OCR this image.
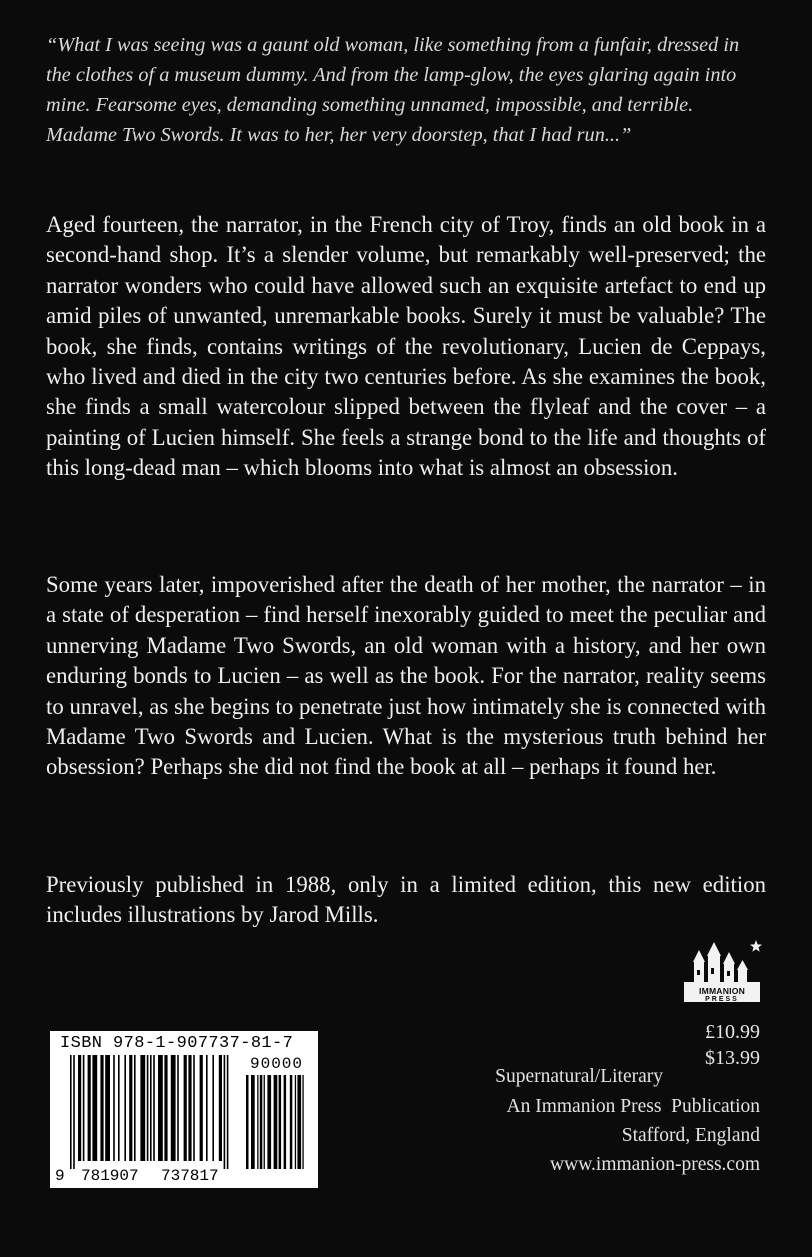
“What I was seeing was a gaunt old woman, like something from a funfair, dressed in the clothes of a museum dummy. And from the lamp-glow, the eyes glaring again into mine. Fearsome eyes, demanding something unnamed, impossible, and terrible. Madame Two Swords. It was to her, her very doorstep, that I had run...”

Aged fourteen, the narrator, in the French city of Troy, finds an old book in a second-hand shop. It’s a slender volume, but remarkably well-preserved; the narrator wonders who could have allowed such an exquisite artefact to end up amid piles of unwanted, unremarkable books. Surely it must be valuable? The book, she finds, contains writings of the revolutionary, Lucien de Ceppays, who lived and died in the city two centuries before. As she examines the book, she finds a small watercolour slipped between the flyleaf and the cover – a painting of Lucien himself. She feels a strange bond to the life and thoughts of this long-dead man – which blooms into what is almost an obsession.

Some years later, impoverished after the death of her mother, the narrator – in a state of desperation – find herself inexorably guided to meet the peculiar and unnerving Madame Two Swords, an old woman with a history, and her own enduring bonds to Lucien – as well as the book. For the narrator, reality seems to unravel, as she begins to penetrate just how intimately she is connected with Madame Two Swords and Lucien. What is the mysterious truth behind her obsession? Perhaps she did not find the book at all – perhaps it found her.

Previously published in 1988, only in a limited edition, this new edition includes illustrations by Jarod Mills.

IMMANION
PRESS
£10.99
$13.99
Supernatural/Literary
An Immanion Press  Publication
Stafford, England
www.immanion-press.com
ISBN 978-1-907737-81-7
90000

9

781907

737817
